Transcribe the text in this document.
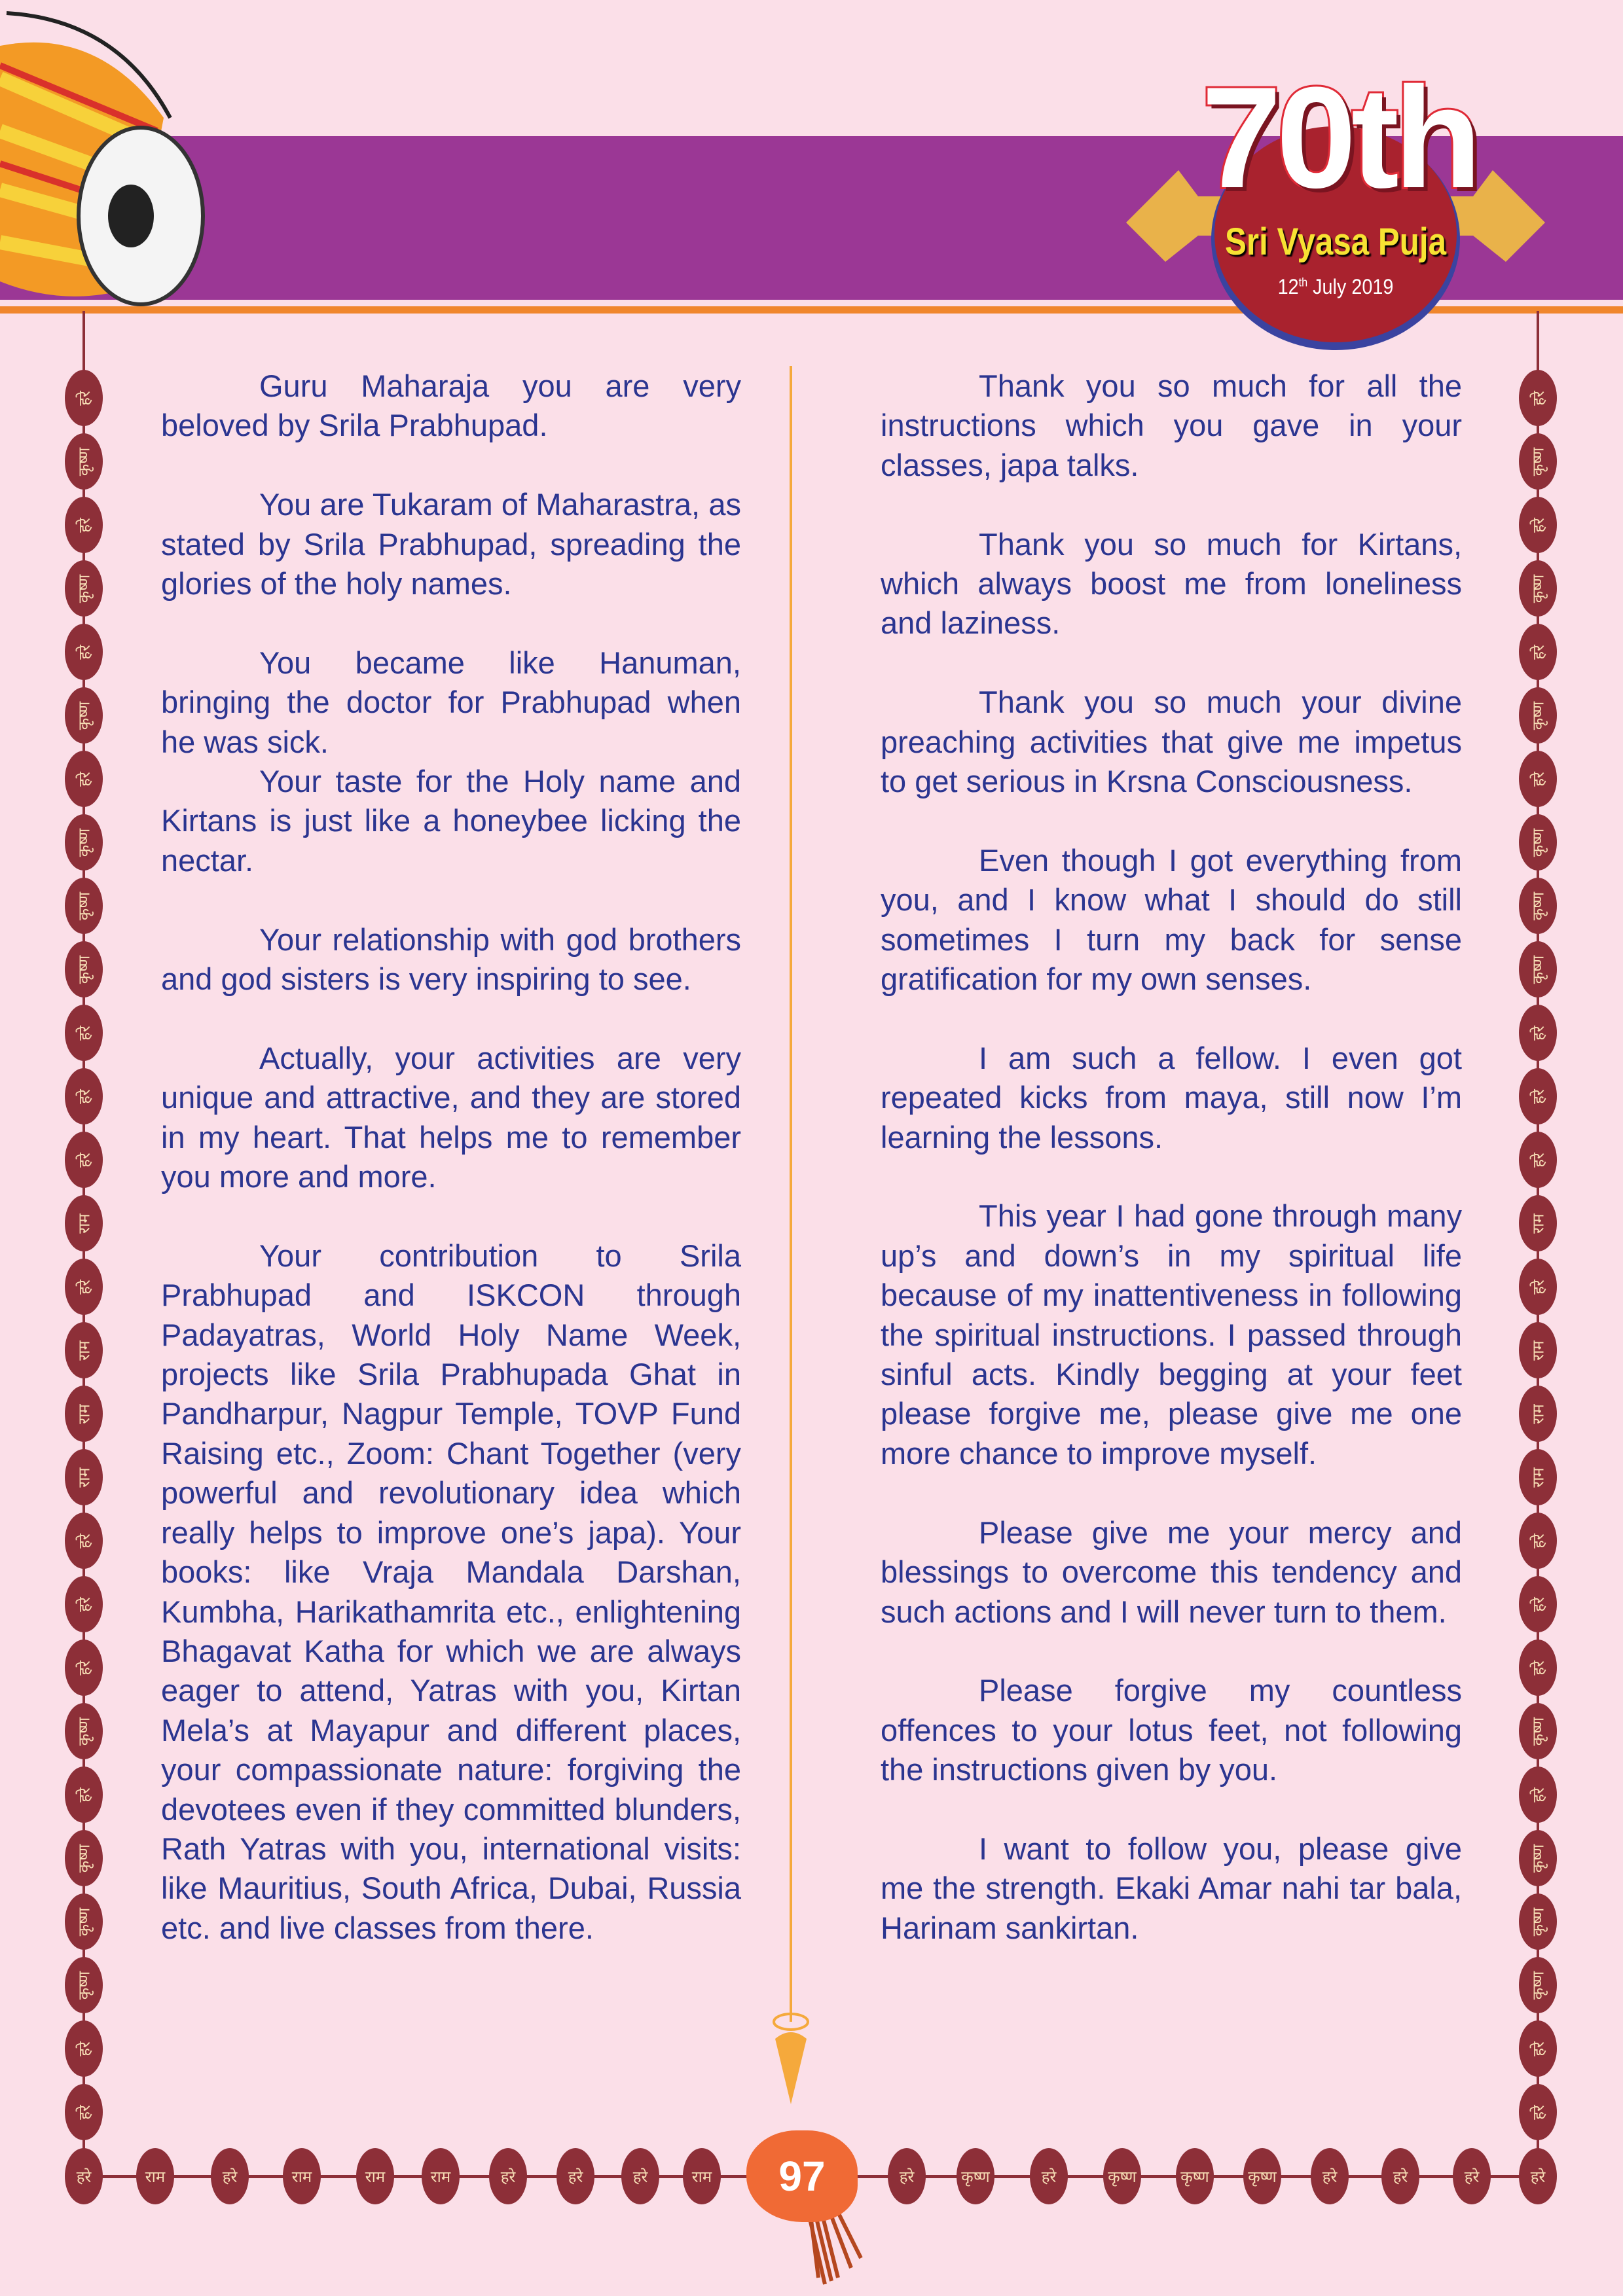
70th
Sri Vyasa Puja
12th July 2019
हरे
कृष्ण
हरे
कृष्ण
हरे
कृष्ण
हरे
कृष्ण
कृष्ण
कृष्ण
हरे
हरे
हरे
राम
हरे
राम
राम
राम
हरे
हरे
हरे
कृष्ण
हरे
कृष्ण
कृष्ण
कृष्ण
हरे
हरे
हरे
कृष्ण
हरे
कृष्ण
हरे
कृष्ण
हरे
कृष्ण
कृष्ण
कृष्ण
हरे
हरे
हरे
राम
हरे
राम
राम
राम
हरे
हरे
हरे
कृष्ण
हरे
कृष्ण
कृष्ण
कृष्ण
हरे
हरे
हरे	राम	हरे	राम	राम	राम	हरे	हरे	हरे	राम	हरे	कृष्ण	हरे	कृष्ण	कृष्ण कृष्ण	हरे	हरे	हरे	हरे
97

Guru Maharaja you are very beloved by Srila Prabhupad.

You are Tukaram of Maharastra, as stated by Srila Prabhupad, spreading the glories of the holy names.

You became like Hanuman, bringing the doctor for Prabhupad when he was sick.

Your taste for the Holy name and Kirtans is just like a honeybee licking the nectar.

Your relationship with god brothers and god sisters is very inspiring to see.

Actually, your activities are very unique and attractive, and they are stored in my heart. That helps me to remember you more and more.

Your contribution to Srila Prabhupad and ISKCON through Padayatras, World Holy Name Week, projects like Srila Prabhupada Ghat in Pandharpur, Nagpur Temple, TOVP Fund Raising etc., Zoom: Chant Together (very powerful and revolutionary idea which really helps to improve one’s japa). Your books: like Vraja Mandala Darshan, Kumbha, Harikathamrita etc., enlightening Bhagavat Katha for which we are always eager to attend, Yatras with you, Kirtan Mela’s at Mayapur and different places, your compassionate nature: forgiving the devotees even if they committed blunders, Rath Yatras with you, international visits: like Mauritius, South Africa, Dubai, Russia etc. and live classes from there.

Thank you so much for all the instructions which you gave in your classes, japa talks.

Thank you so much for Kirtans, which always boost me from loneliness and laziness.

Thank you so much your divine preaching activities that give me impetus to get serious in Krsna Consciousness.

Even though I got everything from you, and I know what I should do still sometimes I turn my back for sense gratification for my own senses.

I am such a fellow. I even got repeated kicks from maya, still now I’m learning the lessons.

This year I had gone through many up’s and down’s in my spiritual life because of my inattentiveness in following the spiritual instructions. I passed through sinful acts. Kindly begging at your feet please forgive me, please give me one more chance to improve myself.

Please give me your mercy and blessings to overcome this tendency and such actions and I will never turn to them.

Please forgive my countless offences to your lotus feet, not following the instructions given by you.

I want to follow you, please give me the strength. Ekaki Amar nahi tar bala, Harinam sankirtan.
